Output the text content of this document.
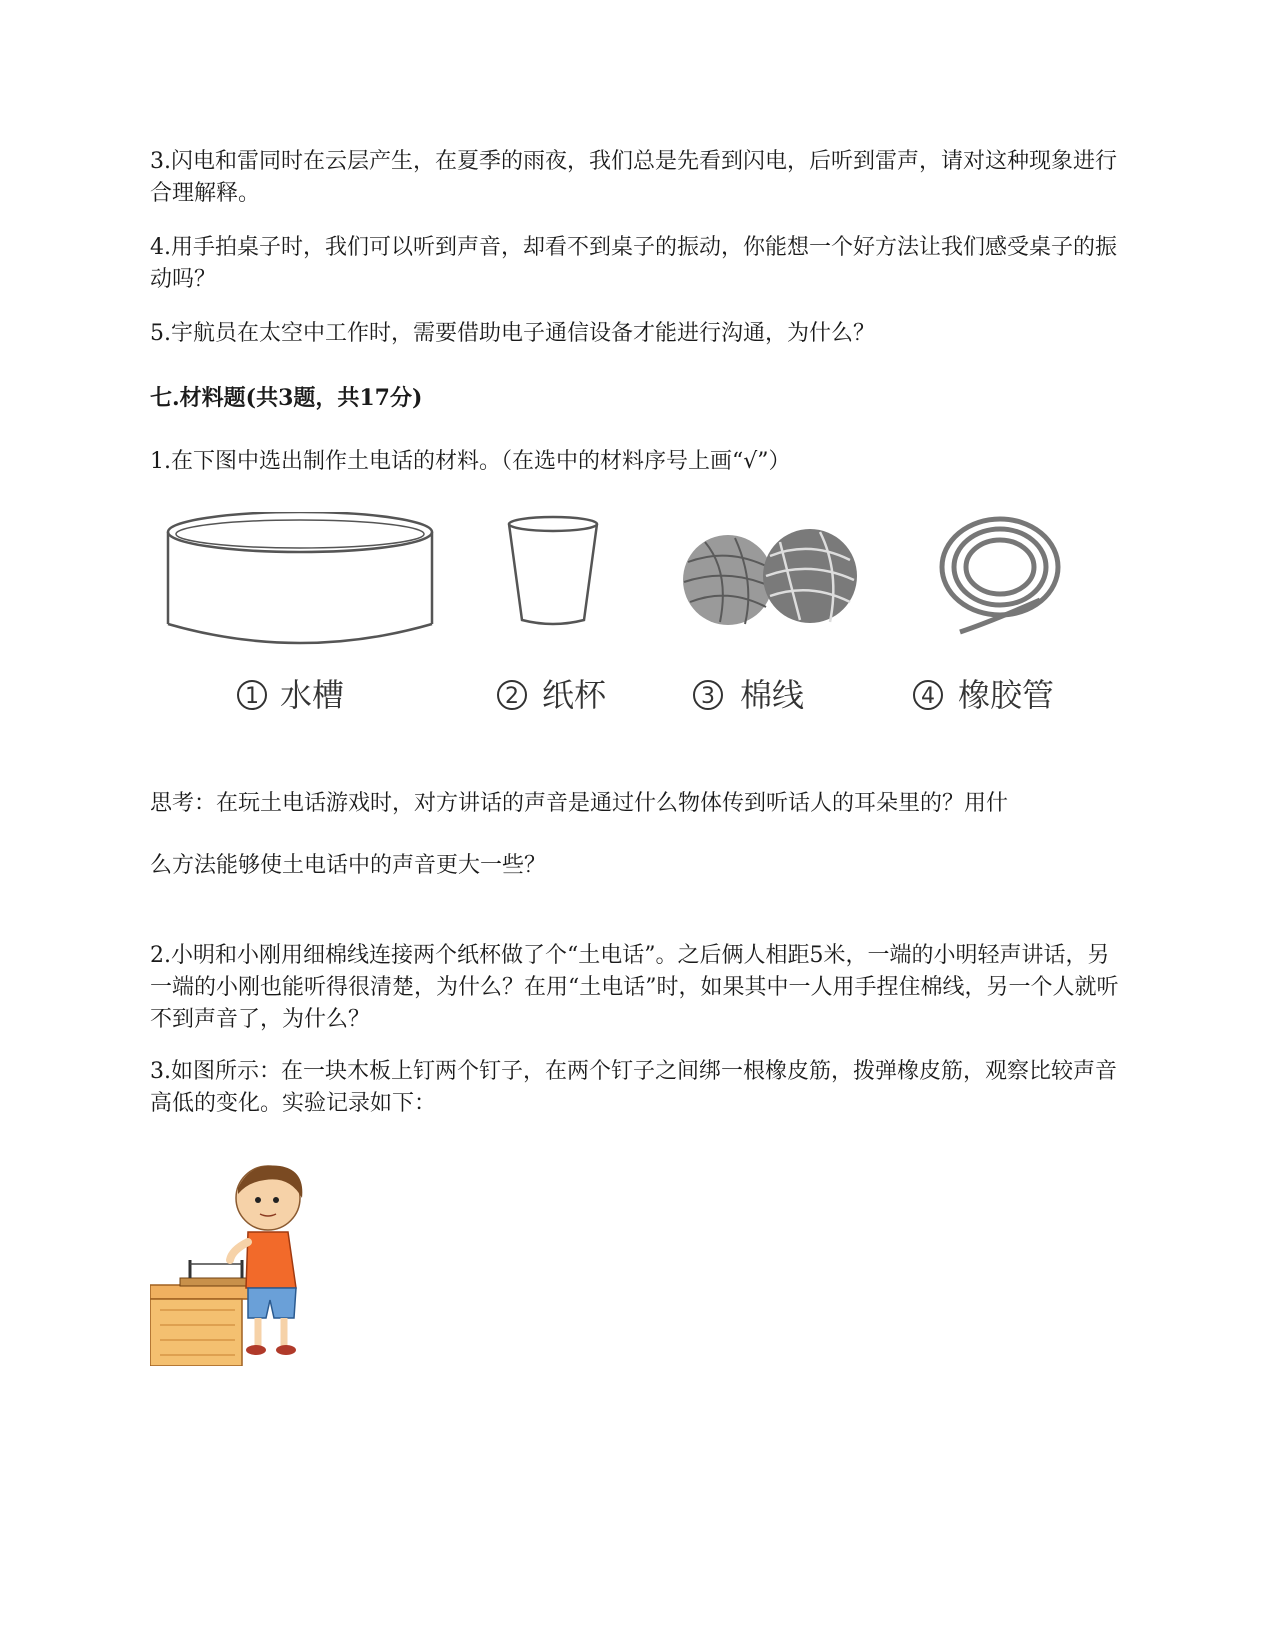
3.闪电和雷同时在云层产生，在夏季的雨夜，我们总是先看到闪电，后听到雷声，请对这种现象进行合理解释。

4.用手拍桌子时，我们可以听到声音，却看不到桌子的振动，你能想一个好方法让我们感受桌子的振动吗？

5.宇航员在太空中工作时，需要借助电子通信设备才能进行沟通，为什么？

七.材料题(共3题，共17分)

1.在下图中选出制作土电话的材料。（在选中的材料序号上画“√”）

1 水槽	2 纸杯	3 棉线	4 橡胶管

思考：在玩土电话游戏时，对方讲话的声音是通过什么物体传到听话人的耳朵里的？用什

么方法能够使土电话中的声音更大一些？

2.小明和小刚用细棉线连接两个纸杯做了个“土电话”。之后俩人相距5米，一端的小明轻声讲话，另一端的小刚也能听得很清楚，为什么？在用“土电话”时，如果其中一人用手捏住棉线，另一个人就听不到声音了，为什么？

3.如图所示：在一块木板上钉两个钉子，在两个钉子之间绑一根橡皮筋，拨弹橡皮筋，观察比较声音高低的变化。实验记录如下：
